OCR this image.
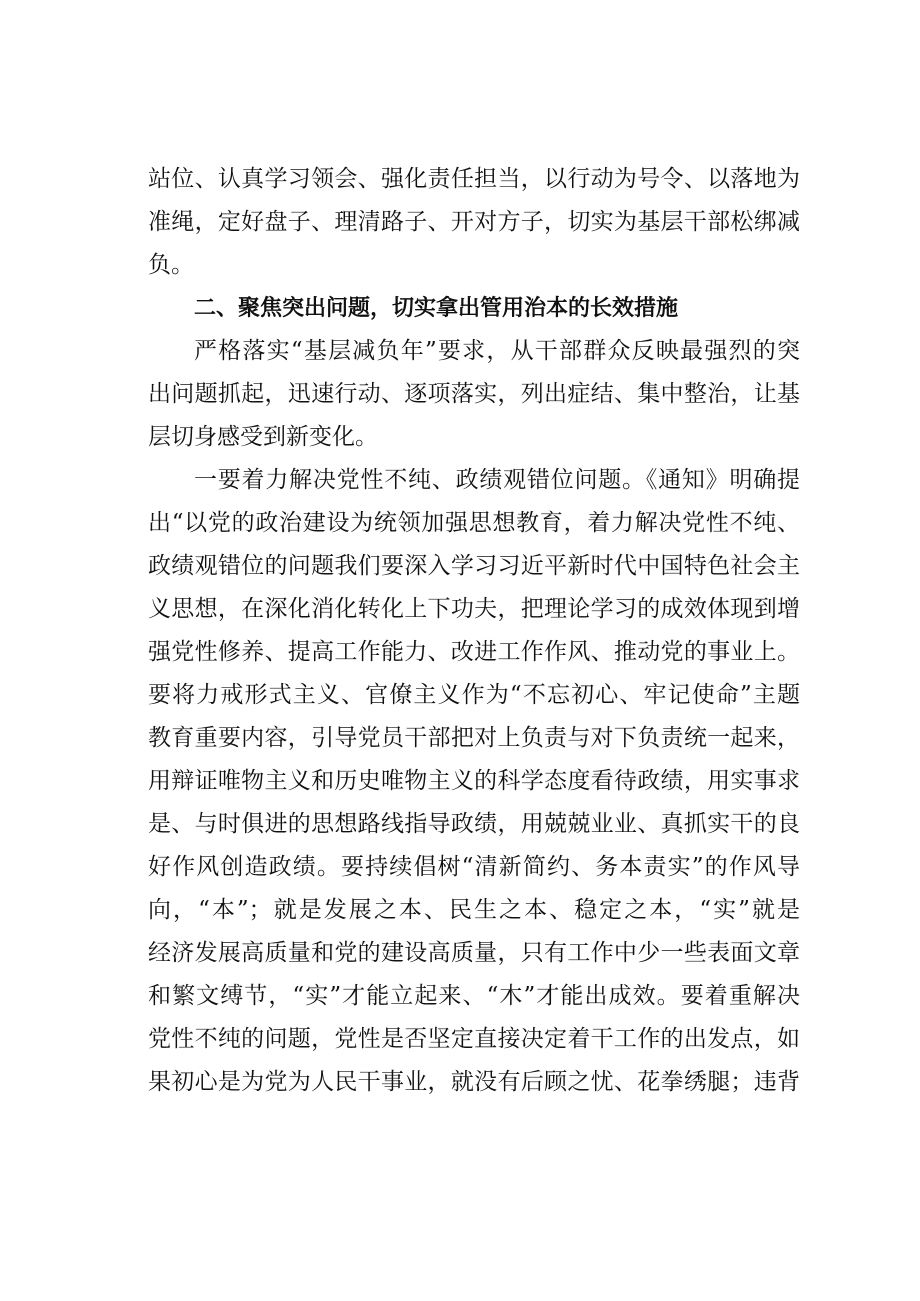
站位、认真学习领会、强化责任担当，以行动为号令、以落地为
准绳，定好盘子、理清路子、开对方子，切实为基层干部松绑减
负。
二、聚焦突出问题，切实拿出管用治本的长效措施
严格落实“基层减负年”要求，从干部群众反映最强烈的突
出问题抓起，迅速行动、逐项落实，列出症结、集中整治，让基
层切身感受到新变化。
一要着力解决党性不纯、政绩观错位问题。《通知》明确提
出“以党的政治建设为统领加强思想教育，着力解决党性不纯、
政绩观错位的问题我们要深入学习习近平新时代中国特色社会主
义思想，在深化消化转化上下功夫，把理论学习的成效体现到增
强党性修养、提高工作能力、改进工作作风、推动党的事业上。
要将力戒形式主义、官僚主义作为“不忘初心、牢记使命”主题
教育重要内容，引导党员干部把对上负责与对下负责统一起来，
用辩证唯物主义和历史唯物主义的科学态度看待政绩，用实事求
是、与时俱进的思想路线指导政绩，用兢兢业业、真抓实干的良
好作风创造政绩。要持续倡树“清新简约、务本责实”的作风导
向，“本”；就是发展之本、民生之本、稳定之本，“实”就是
经济发展高质量和党的建设高质量，只有工作中少一些表面文章
和繁文缚节，“实”才能立起来、“木”才能出成效。要着重解决
党性不纯的问题，党性是否坚定直接决定着干工作的出发点，如
果初心是为党为人民干事业，就没有后顾之忧、花拳绣腿；违背
